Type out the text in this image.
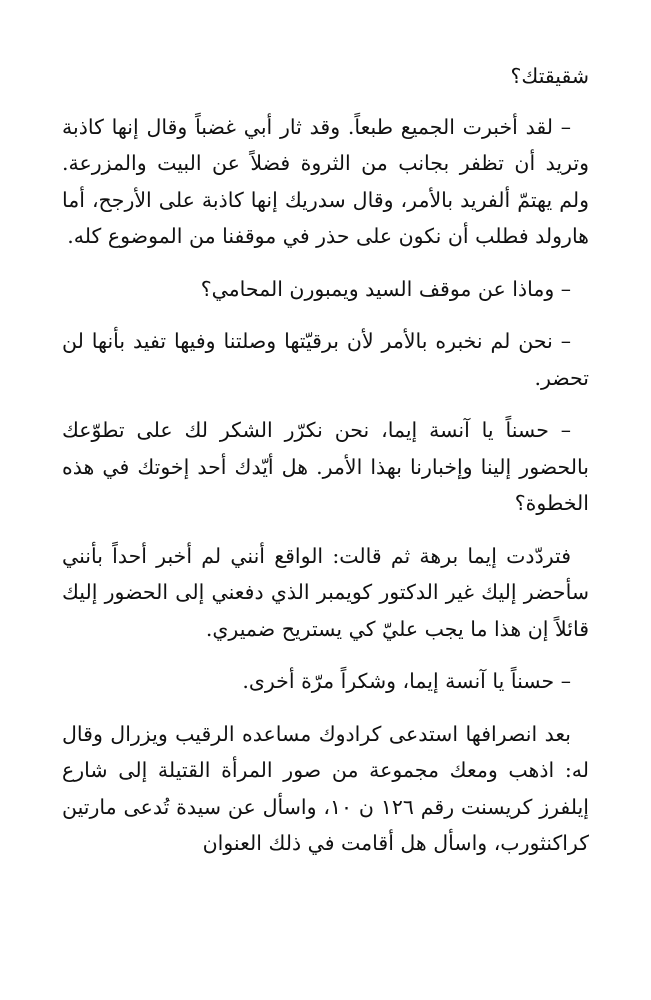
شقيقتك؟

– لقد أخبرت الجميع طبعاً. وقد ثار أبي غضباً وقال إنها كاذبة وتريد أن تظفر بجانب من الثروة فضلاً عن البيت والمزرعة. ولم يهتمّ ألفريد بالأمر، وقال سدريك إنها كاذبة على الأرجح، أما هارولد فطلب أن نكون على حذر في موقفنا من الموضوع كله.

– وماذا عن موقف السيد ويمبورن المحامي؟

– نحن لم نخبره بالأمر لأن برقيّتها وصلتنا وفيها تفيد بأنها لن تحضر.

– حسناً يا آنسة إيما، نحن نكرّر الشكر لك على تطوّعك بالحضور إلينا وإخبارنا بهذا الأمر. هل أيّدك أحد إخوتك في هذه الخطوة؟

فتردّدت إيما برهة ثم قالت: الواقع أنني لم أخبر أحداً بأنني سأحضر إليك غير الدكتور كويمبر الذي دفعني إلى الحضور إليك قائلاً إن هذا ما يجب عليّ كي يستريح ضميري.

– حسناً يا آنسة إيما، وشكراً مرّة أخرى.

بعد انصرافها استدعى كرادوك مساعده الرقيب ويزرال وقال له: اذهب ومعك مجموعة من صور المرأة القتيلة إلى شارع إيلفرز كريسنت رقم ١٢٦ ن ١٠، واسأل عن سيدة تُدعى مارتين كراكنثورب، واسأل هل أقامت في ذلك العنوان
